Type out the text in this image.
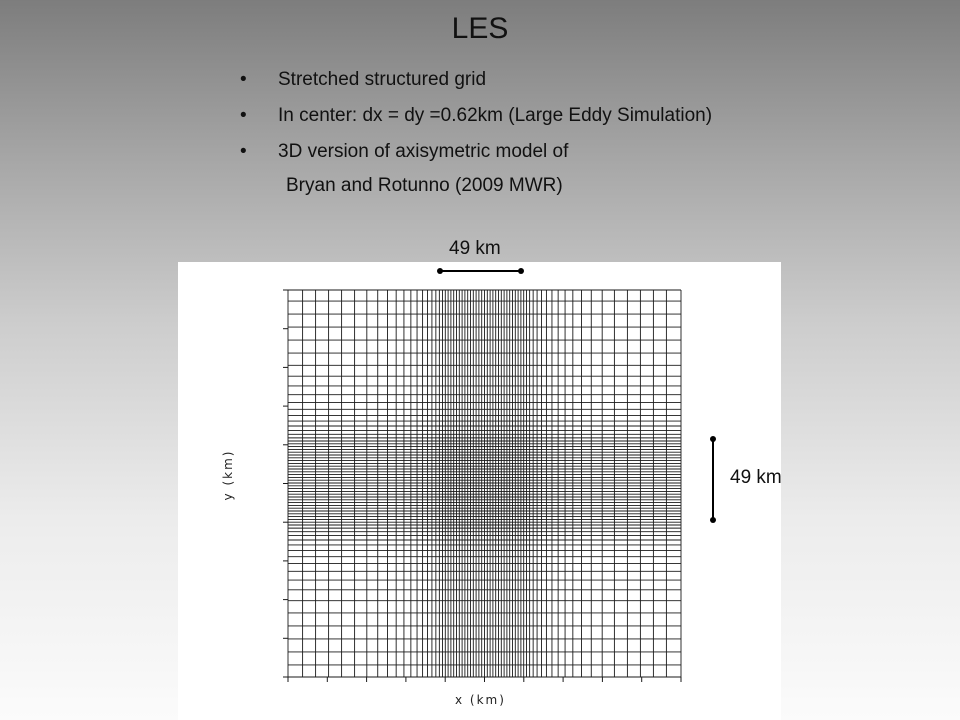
LES
• Stretched structured grid
• In center: dx = dy =0.62km (Large Eddy Simulation)
• 3D version of axisymetric model of
Bryan and Rotunno (2009 MWR)
y (km)
x (km)
49 km
49 km
